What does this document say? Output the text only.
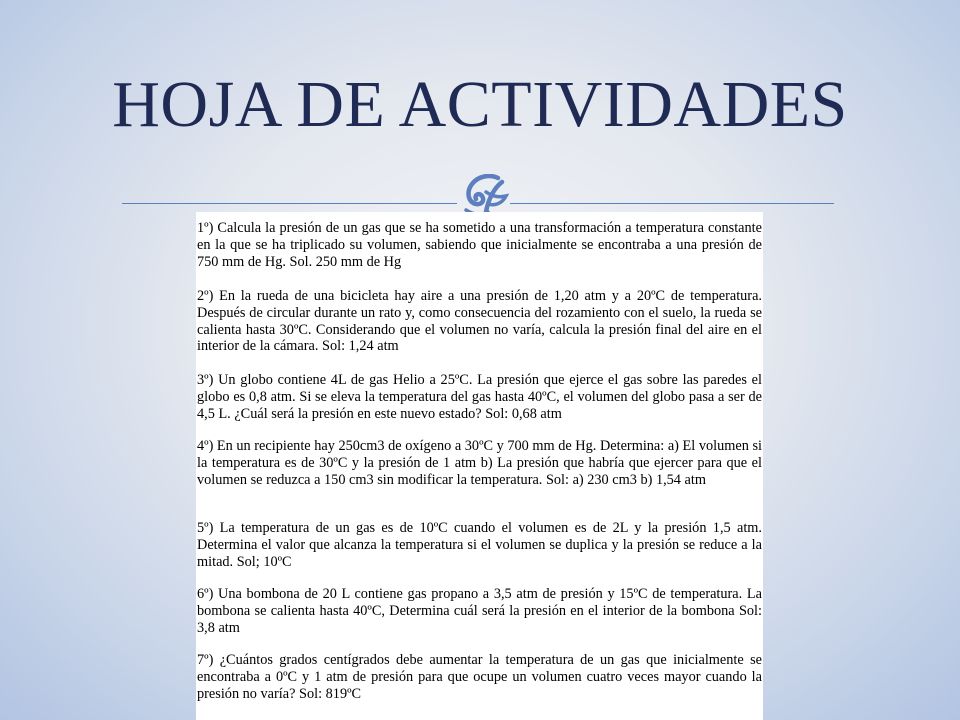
HOJA DE ACTIVIDADES
1º) Calcula la presión de un gas que se ha sometido a una transformación a temperatura constante en la que se ha triplicado su volumen, sabiendo que inicialmente se encontraba a una presión de 750 mm de Hg. Sol. 250 mm de Hg
2º) En la rueda de una bicicleta hay aire a una presión de 1,20 atm y a 20ºC de temperatura. Después de circular durante un rato y, como consecuencia del rozamiento con el suelo, la rueda se calienta hasta 30ºC. Considerando que el volumen no varía, calcula la presión final del aire en el interior de la cámara. Sol: 1,24 atm
3º) Un globo contiene 4L de gas Helio a 25ºC. La presión que ejerce el gas sobre las paredes el globo es 0,8 atm. Si se eleva la temperatura del gas hasta 40ºC, el volumen del globo pasa a ser de 4,5 L. ¿Cuál será la presión en este nuevo estado? Sol: 0,68 atm
4º) En un recipiente hay 250cm3 de oxígeno a 30ºC y 700 mm de Hg. Determina: a) El volumen si la temperatura es de 30ºC y la presión de 1 atm b) La presión que habría que ejercer para que el volumen se reduzca a 150 cm3 sin modificar la temperatura. Sol: a) 230 cm3 b) 1,54 atm
5º) La temperatura de un gas es de 10ºC cuando el volumen es de 2L y la presión 1,5 atm. Determina el valor que alcanza la temperatura si el volumen se duplica y la presión se reduce a la mitad. Sol; 10ºC
6º) Una bombona de 20 L contiene gas propano a 3,5 atm de presión y 15ºC de temperatura. La bombona se calienta hasta 40ºC, Determina cuál será la presión en el interior de la bombona Sol: 3,8 atm
7º) ¿Cuántos grados centígrados debe aumentar la temperatura de un gas que inicialmente se encontraba a 0ºC y 1 atm de presión para que ocupe un volumen cuatro veces mayor cuando la presión no varía? Sol: 819ºC
